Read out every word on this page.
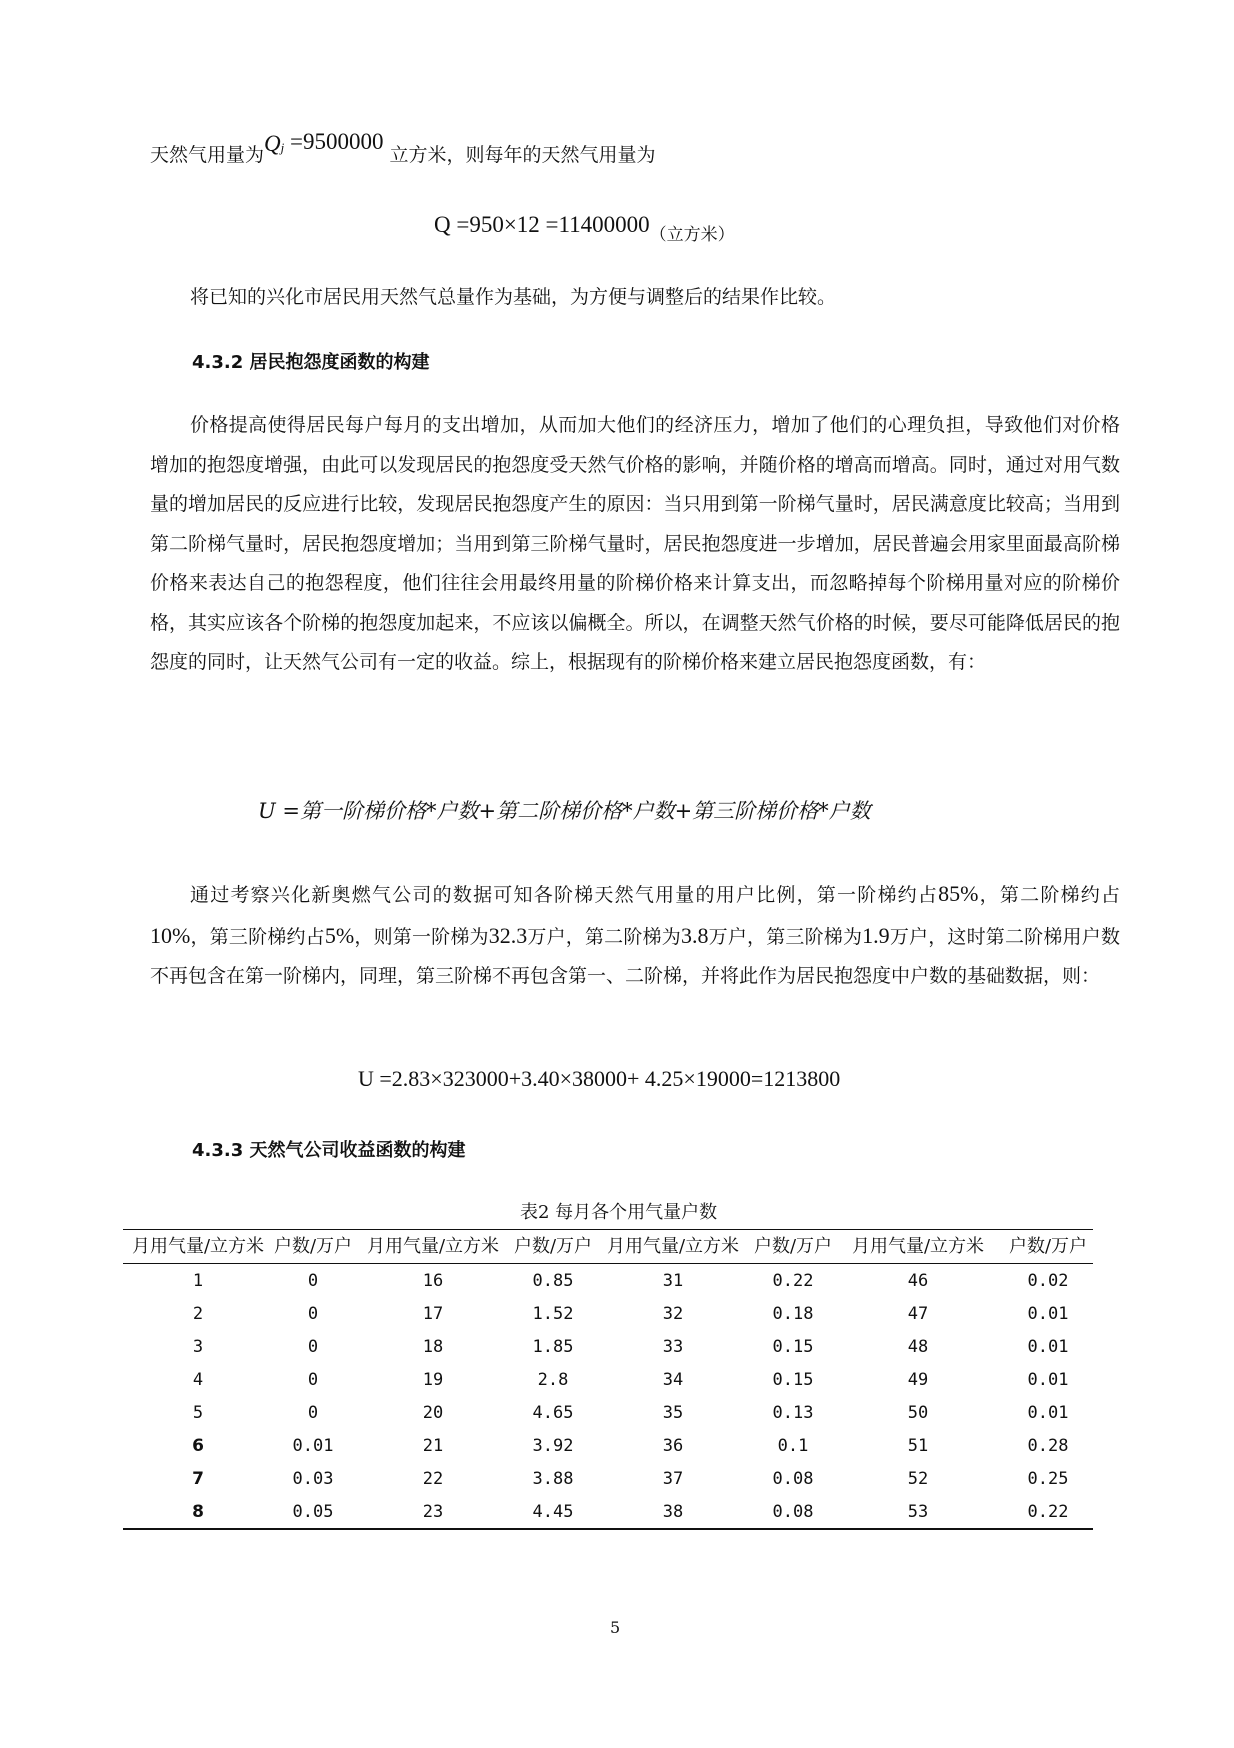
天然气用量为$Q_j =9500000$立方米，则每年的天然气用量为
Q =950×12 =11400000（立方米）
将已知的兴化市居民用天然气总量作为基础，为方便与调整后的结果作比较。
4.3.2 居民抱怨度函数的构建
价格提高使得居民每户每月的支出增加，从而加大他们的经济压力，增加了他们的心理负担，导致他们对价格增加的抱怨度增强，由此可以发现居民的抱怨度受天然气价格的影响，并随价格的增高而增高。同时，通过对用气数量的增加居民的反应进行比较，发现居民抱怨度产生的原因：当只用到第一阶梯气量时，居民满意度比较高；当用到第二阶梯气量时，居民抱怨度增加；当用到第三阶梯气量时，居民抱怨度进一步增加，居民普遍会用家里面最高阶梯价格来表达自己的抱怨程度，他们往往会用最终用量的阶梯价格来计算支出，而忽略掉每个阶梯用量对应的阶梯价格，其实应该各个阶梯的抱怨度加起来，不应该以偏概全。所以，在调整天然气价格的时候，要尽可能降低居民的抱怨度的同时，让天然气公司有一定的收益。综上，根据现有的阶梯价格来建立居民抱怨度函数，有：
U =第一阶梯价格*户数+第二阶梯价格*户数+第三阶梯价格*户数
通过考察兴化新奥燃气公司的数据可知各阶梯天然气用量的用户比例，第一阶梯约占85%，第二阶梯约占10%，第三阶梯约占5%，则第一阶梯为32.3万户，第二阶梯为3.8万户，第三阶梯为1.9万户，这时第二阶梯用户数不再包含在第一阶梯内，同理，第三阶梯不再包含第一、二阶梯，并将此作为居民抱怨度中户数的基础数据，则：
U =2.83×323000+3.40×38000+ 4.25×19000=1213800
4.3.3 天然气公司收益函数的构建
表2 每月各个用气量户数
月用气量/立方米	户数/万户	月用气量/立方米	户数/万户	月用气量/立方米	户数/万户	月用气量/立方米	户数/万户
1	0	16	0.85	31	0.22	46	0.02
2	0	17	1.52	32	0.18	47	0.01
3	0	18	1.85	33	0.15	48	0.01
4	0	19	2.8	34	0.15	49	0.01
5	0	20	4.65	35	0.13	50	0.01
6	0.01	21	3.92	36	0.1	51	0.28
7	0.03	22	3.88	37	0.08	52	0.25
8	0.05	23	4.45	38	0.08	53	0.22
5
